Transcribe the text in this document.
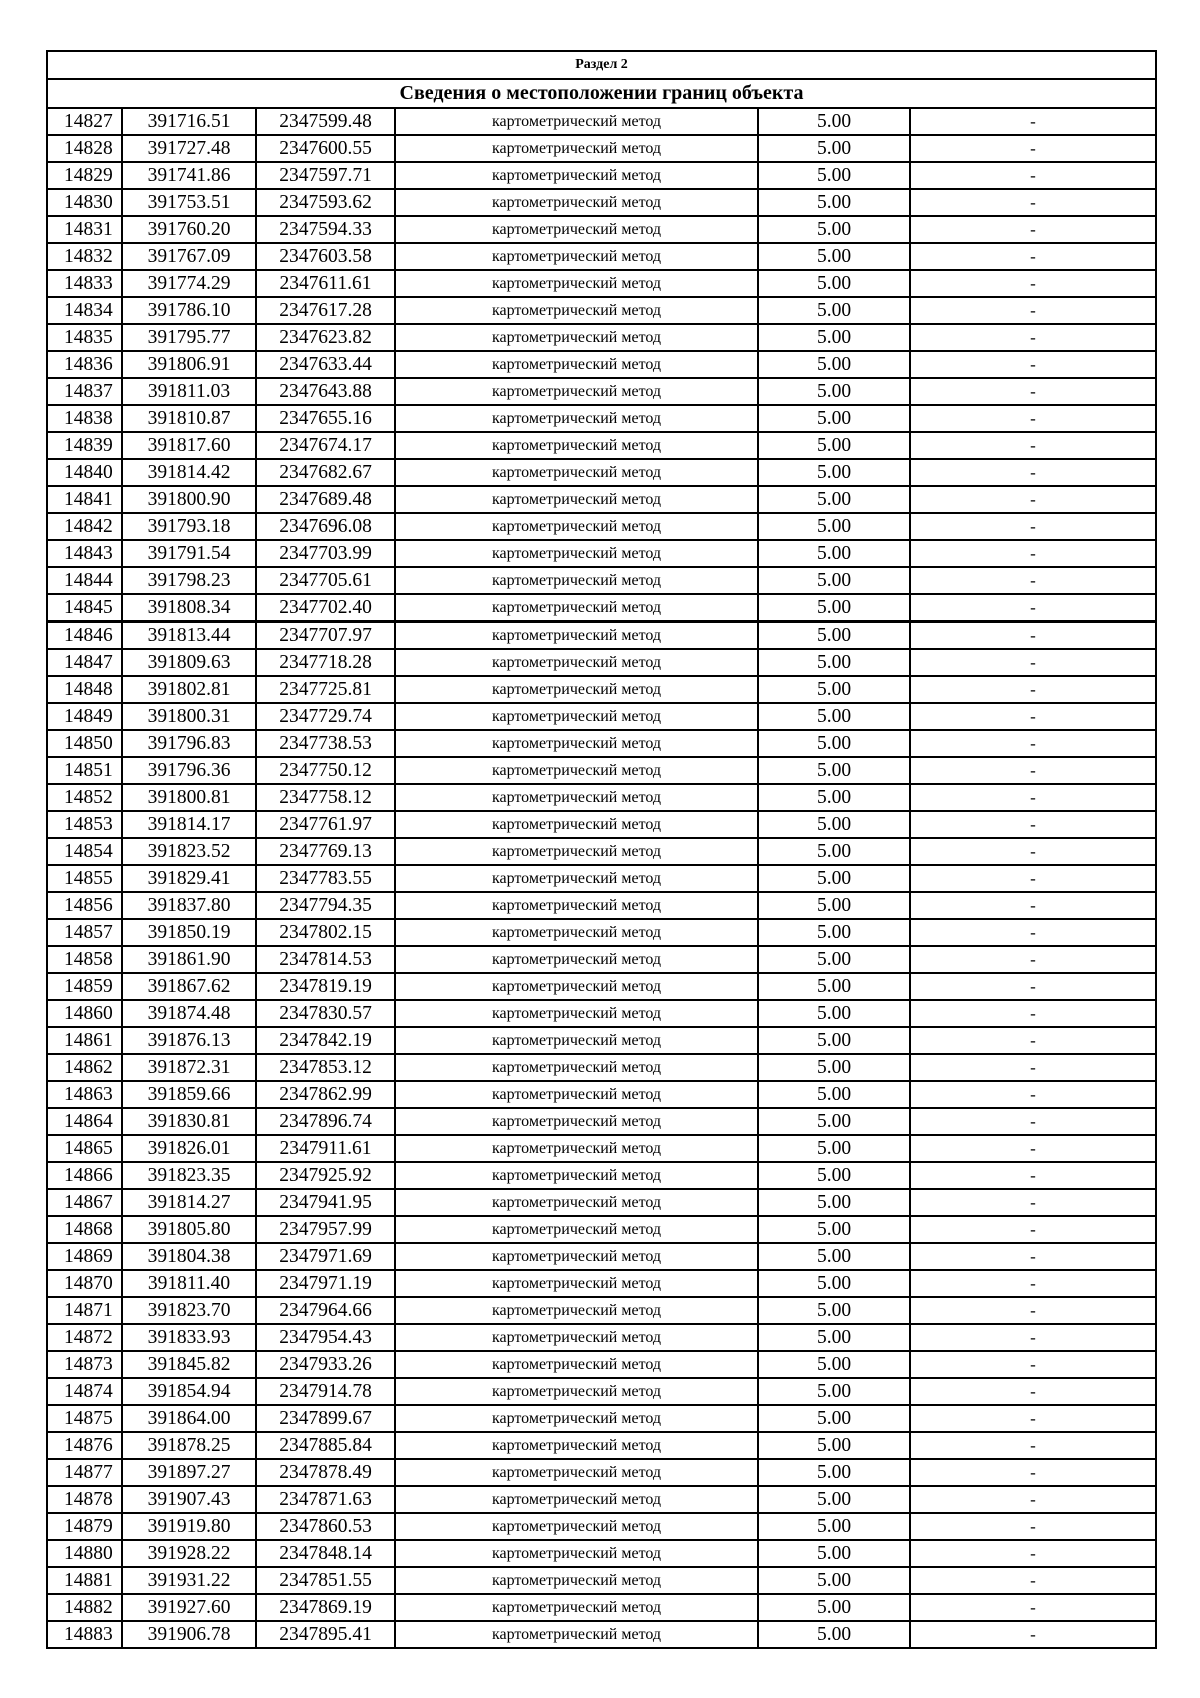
Раздел 2					
Сведения о местоположении границ объекта					
14827	391716.51	2347599.48	картометрический метод	5.00	-
14828	391727.48	2347600.55	картометрический метод	5.00	-
14829	391741.86	2347597.71	картометрический метод	5.00	-
14830	391753.51	2347593.62	картометрический метод	5.00	-
14831	391760.20	2347594.33	картометрический метод	5.00	-
14832	391767.09	2347603.58	картометрический метод	5.00	-
14833	391774.29	2347611.61	картометрический метод	5.00	-
14834	391786.10	2347617.28	картометрический метод	5.00	-
14835	391795.77	2347623.82	картометрический метод	5.00	-
14836	391806.91	2347633.44	картометрический метод	5.00	-
14837	391811.03	2347643.88	картометрический метод	5.00	-
14838	391810.87	2347655.16	картометрический метод	5.00	-
14839	391817.60	2347674.17	картометрический метод	5.00	-
14840	391814.42	2347682.67	картометрический метод	5.00	-
14841	391800.90	2347689.48	картометрический метод	5.00	-
14842	391793.18	2347696.08	картометрический метод	5.00	-
14843	391791.54	2347703.99	картометрический метод	5.00	-
14844	391798.23	2347705.61	картометрический метод	5.00	-
14845	391808.34	2347702.40	картометрический метод	5.00	-
14846	391813.44	2347707.97	картометрический метод	5.00	-
14847	391809.63	2347718.28	картометрический метод	5.00	-
14848	391802.81	2347725.81	картометрический метод	5.00	-
14849	391800.31	2347729.74	картометрический метод	5.00	-
14850	391796.83	2347738.53	картометрический метод	5.00	-
14851	391796.36	2347750.12	картометрический метод	5.00	-
14852	391800.81	2347758.12	картометрический метод	5.00	-
14853	391814.17	2347761.97	картометрический метод	5.00	-
14854	391823.52	2347769.13	картометрический метод	5.00	-
14855	391829.41	2347783.55	картометрический метод	5.00	-
14856	391837.80	2347794.35	картометрический метод	5.00	-
14857	391850.19	2347802.15	картометрический метод	5.00	-
14858	391861.90	2347814.53	картометрический метод	5.00	-
14859	391867.62	2347819.19	картометрический метод	5.00	-
14860	391874.48	2347830.57	картометрический метод	5.00	-
14861	391876.13	2347842.19	картометрический метод	5.00	-
14862	391872.31	2347853.12	картометрический метод	5.00	-
14863	391859.66	2347862.99	картометрический метод	5.00	-
14864	391830.81	2347896.74	картометрический метод	5.00	-
14865	391826.01	2347911.61	картометрический метод	5.00	-
14866	391823.35	2347925.92	картометрический метод	5.00	-
14867	391814.27	2347941.95	картометрический метод	5.00	-
14868	391805.80	2347957.99	картометрический метод	5.00	-
14869	391804.38	2347971.69	картометрический метод	5.00	-
14870	391811.40	2347971.19	картометрический метод	5.00	-
14871	391823.70	2347964.66	картометрический метод	5.00	-
14872	391833.93	2347954.43	картометрический метод	5.00	-
14873	391845.82	2347933.26	картометрический метод	5.00	-
14874	391854.94	2347914.78	картометрический метод	5.00	-
14875	391864.00	2347899.67	картометрический метод	5.00	-
14876	391878.25	2347885.84	картометрический метод	5.00	-
14877	391897.27	2347878.49	картометрический метод	5.00	-
14878	391907.43	2347871.63	картометрический метод	5.00	-
14879	391919.80	2347860.53	картометрический метод	5.00	-
14880	391928.22	2347848.14	картометрический метод	5.00	-
14881	391931.22	2347851.55	картометрический метод	5.00	-
14882	391927.60	2347869.19	картометрический метод	5.00	-
14883	391906.78	2347895.41	картометрический метод	5.00	-
